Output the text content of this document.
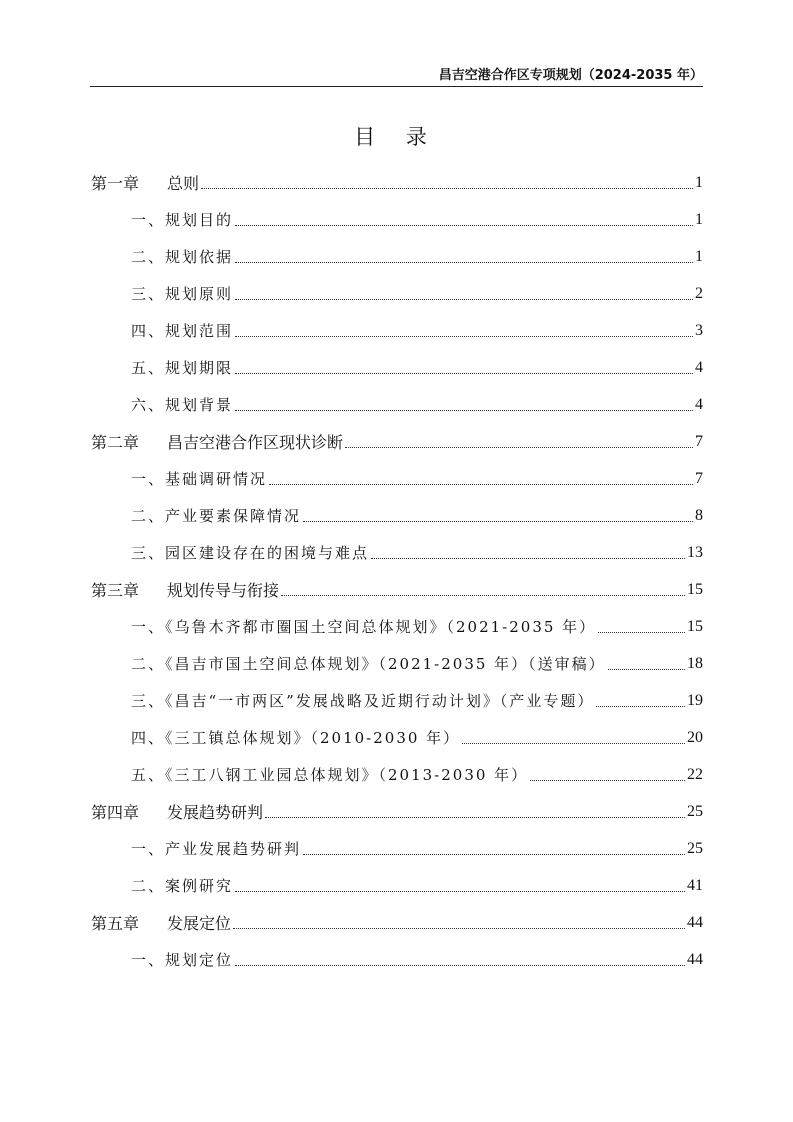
昌吉空港合作区专项规划（2024-2035 年）
目 录
第一章 总则	1
一、规划目的	1
二、规划依据	1
三、规划原则	2
四、规划范围	3
五、规划期限	4
六、规划背景	4
第二章 昌吉空港合作区现状诊断	7
一、基础调研情况	7
二、产业要素保障情况	8
三、园区建设存在的困境与难点	13
第三章 规划传导与衔接	15
一、《乌鲁木齐都市圈国土空间总体规划》（2021-2035 年）	15
二、《昌吉市国土空间总体规划》（2021-2035 年）（送审稿）	18
三、《昌吉“一市两区”发展战略及近期行动计划》（产业专题）	19
四、《三工镇总体规划》（2010-2030 年）	20
五、《三工八钢工业园总体规划》（2013-2030 年）	22
第四章 发展趋势研判	25
一、产业发展趋势研判	25
二、案例研究	41
第五章 发展定位	44
一、规划定位	44
